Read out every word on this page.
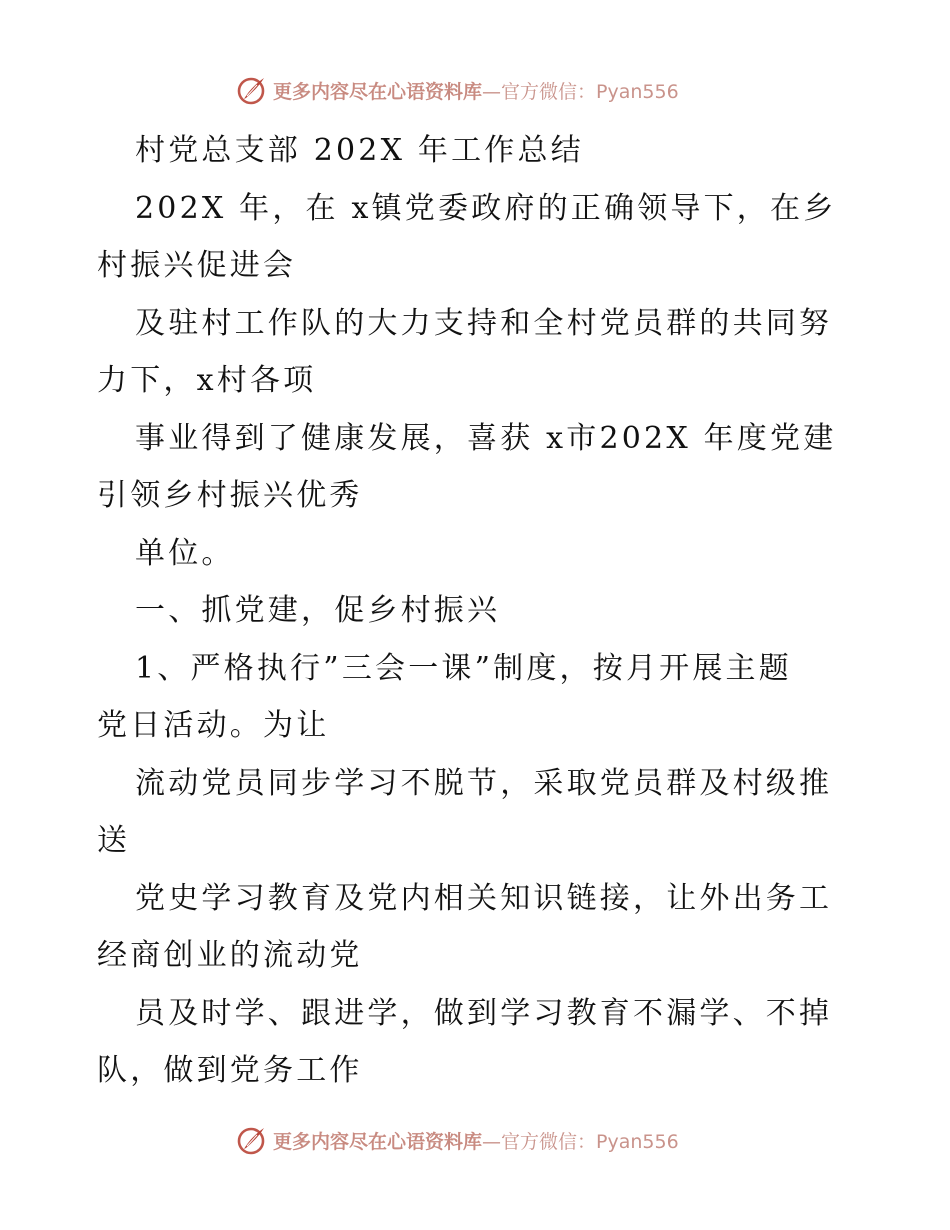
更多内容尽在心语资料库—官方微信：Pyan556
村党总支部 202X 年工作总结
202X 年，在 x镇党委政府的正确领导下，在乡
村振兴促进会
及驻村工作队的大力支持和全村党员群的共同努
力下，x村各项
事业得到了健康发展，喜获 x市202X 年度党建
引领乡村振兴优秀
单位。
一、抓党建，促乡村振兴
1、严格执行”三会一课”制度，按月开展主题
党日活动。为让
流动党员同步学习不脱节，采取党员群及村级推
送
党史学习教育及党内相关知识链接，让外出务工
经商创业的流动党
员及时学、跟进学，做到学习教育不漏学、不掉
队，做到党务工作
更多内容尽在心语资料库—官方微信：Pyan556
